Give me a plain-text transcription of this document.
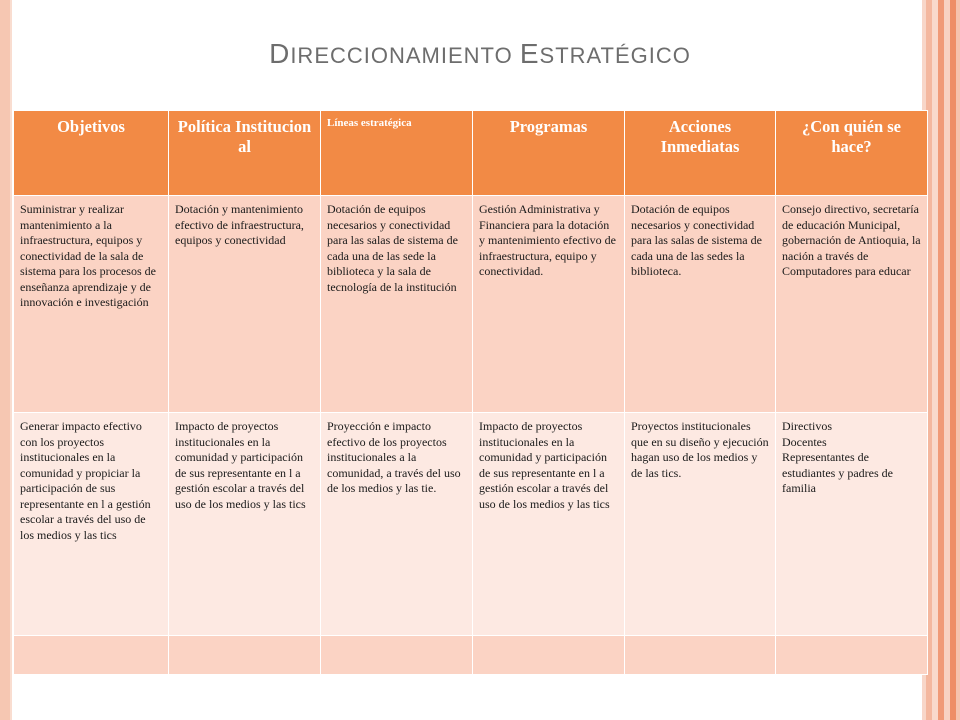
DIRECCIONAMIENTO ESTRATÉGICO
Objetivos	Política Institucion al	Líneas estratégica	Programas	Acciones Inmediatas	¿Con quién se hace?
Suministrar y realizar mantenimiento a la infraestructura, equipos y conectividad de la sala de sistema para los procesos de enseñanza aprendizaje y de innovación e investigación	Dotación y mantenimiento efectivo de infraestructura, equipos y conectividad	Dotación de equipos necesarios y conectividad para las salas de sistema de cada una de las sede la biblioteca y la sala de tecnología de la institución	Gestión Administrativa y Financiera para la dotación y mantenimiento efectivo de infraestructura, equipo y conectividad.	Dotación de equipos necesarios y conectividad para las salas de sistema de cada una de las sedes la biblioteca.	Consejo directivo, secretaría de educación Municipal, gobernación de Antioquia, la nación a través de Computadores para educar
Generar impacto efectivo con los proyectos institucionales en la comunidad y propiciar la participación de sus representante en l a gestión escolar a través del uso de los medios y las tics	Impacto de proyectos institucionales en la comunidad y participación de sus representante en l a gestión escolar a través del uso de los medios y las tics	Proyección e impacto efectivo de los proyectos institucionales a la comunidad, a través del uso de los medios y las tie.	Impacto de proyectos institucionales en la comunidad y participación de sus representante en l a gestión escolar a través del uso de los medios y las tics	Proyectos institucionales que en su diseño y ejecución hagan uso de los medios y de las tics.	Directivos
Docentes
Representantes de estudiantes y padres de familia
